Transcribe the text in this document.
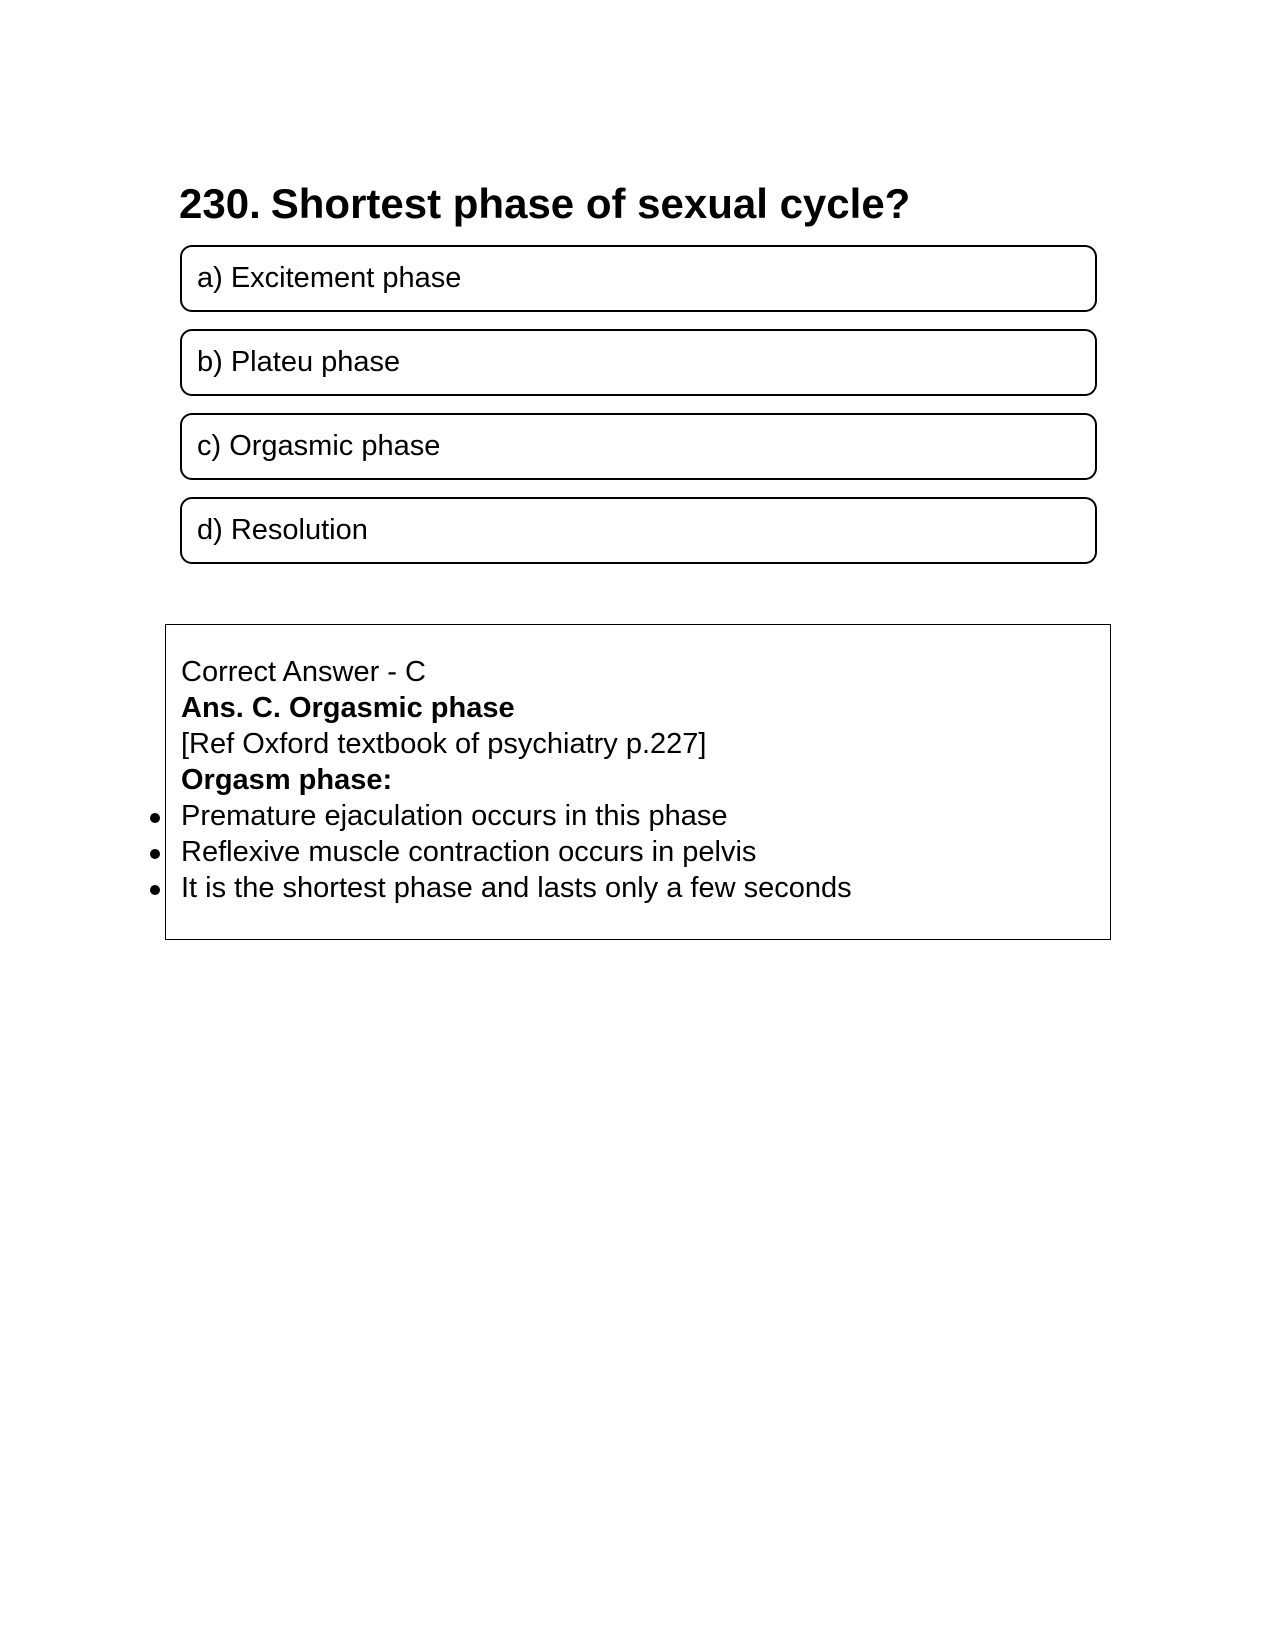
230. Shortest phase of sexual cycle?
a) Excitement phase
b) Plateu phase
c) Orgasmic phase
d) Resolution
Correct Answer - C
Ans. C. Orgasmic phase
[Ref Oxford textbook of psychiatry p.227]
Orgasm phase:
Premature ejaculation occurs in this phase
Reflexive muscle contraction occurs in pelvis
It is the shortest phase and lasts only a few seconds
